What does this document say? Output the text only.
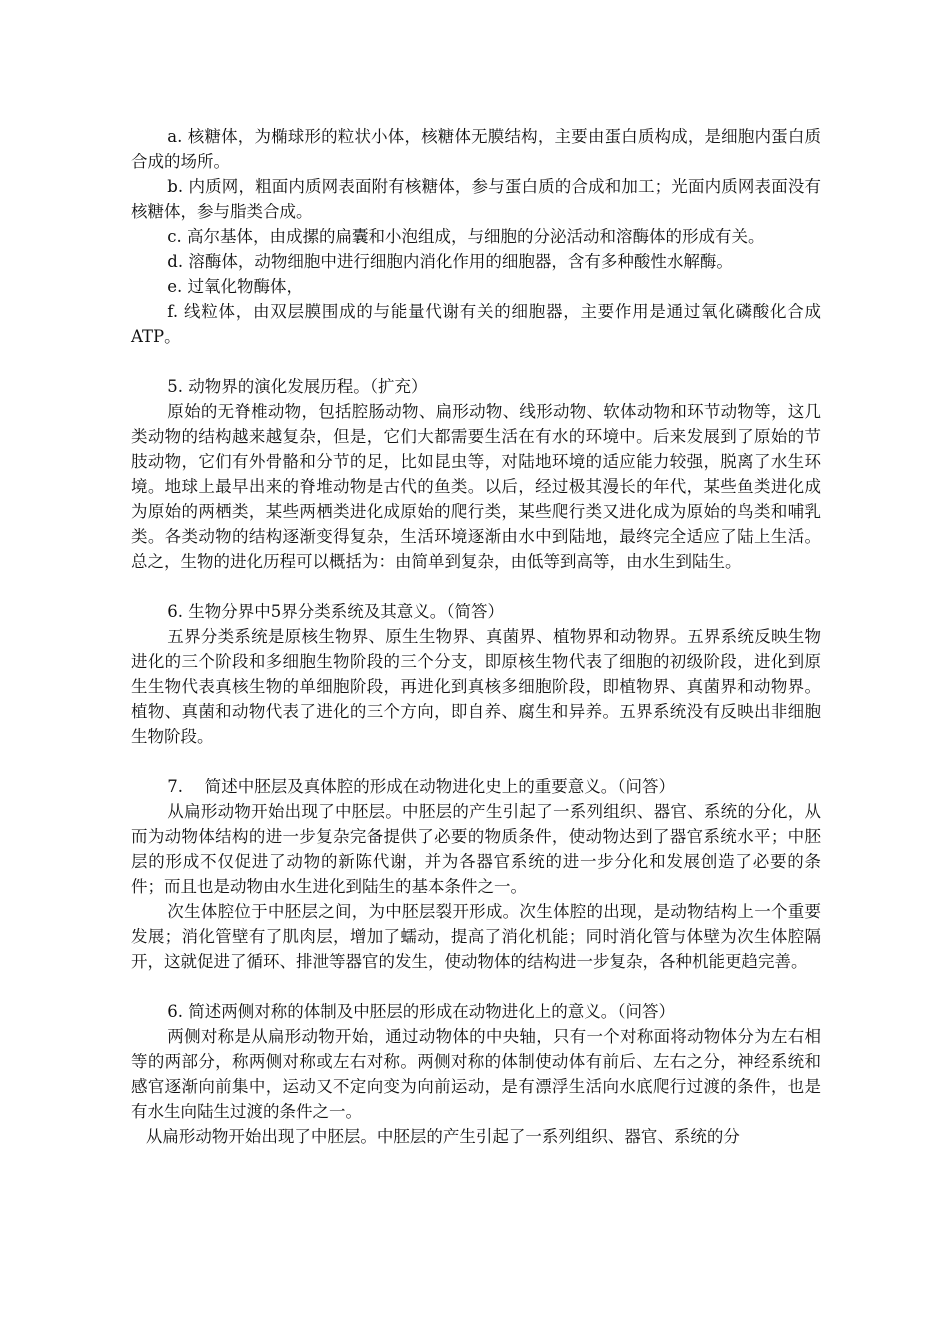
a. 核糖体，为椭球形的粒状小体，核糖体无膜结构，主要由蛋白质构成，是细胞内蛋白质合成的场所。

b. 内质网，粗面内质网表面附有核糖体，参与蛋白质的合成和加工；光面内质网表面没有核糖体，参与脂类合成。

c. 高尔基体，由成摞的扁囊和小泡组成，与细胞的分泌活动和溶酶体的形成有关。

d. 溶酶体，动物细胞中进行细胞内消化作用的细胞器，含有多种酸性水解酶。

e. 过氧化物酶体，

f. 线粒体，由双层膜围成的与能量代谢有关的细胞器，主要作用是通过氧化磷酸化合成ATP。

5. 动物界的演化发展历程。（扩充）

原始的无脊椎动物，包括腔肠动物、扁形动物、线形动物、软体动物和环节动物等，这几类动物的结构越来越复杂，但是，它们大都需要生活在有水的环境中。后来发展到了原始的节肢动物，它们有外骨骼和分节的足，比如昆虫等，对陆地环境的适应能力较强，脱离了水生环境。地球上最早出来的脊堆动物是古代的鱼类。以后，经过极其漫长的年代，某些鱼类进化成为原始的两栖类，某些两栖类进化成原始的爬行类，某些爬行类又进化成为原始的鸟类和哺乳类。各类动物的结构逐渐变得复杂，生活环境逐渐由水中到陆地，最终完全适应了陆上生活。 总之，生物的进化历程可以概括为：由简单到复杂，由低等到高等，由水生到陆生。

6. 生物分界中5界分类系统及其意义。（简答）

五界分类系统是原核生物界、原生生物界、真菌界、植物界和动物界。五界系统反映生物进化的三个阶段和多细胞生物阶段的三个分支，即原核生物代表了细胞的初级阶段，进化到原生生物代表真核生物的单细胞阶段，再进化到真核多细胞阶段，即植物界、真菌界和动物界。植物、真菌和动物代表了进化的三个方向，即自养、腐生和异养。五界系统没有反映出非细胞生物阶段。

7.　 简述中胚层及真体腔的形成在动物进化史上的重要意义。（问答）

从扁形动物开始出现了中胚层。中胚层的产生引起了一系列组织、器官、系统的分化，从而为动物体结构的进一步复杂完备提供了必要的物质条件，使动物达到了器官系统水平；中胚层的形成不仅促进了动物的新陈代谢，并为各器官系统的进一步分化和发展创造了必要的条件；而且也是动物由水生进化到陆生的基本条件之一。

次生体腔位于中胚层之间，为中胚层裂开形成。次生体腔的出现，是动物结构上一个重要发展；消化管壁有了肌肉层，增加了蠕动，提高了消化机能；同时消化管与体壁为次生体腔隔开，这就促进了循环、排泄等器官的发生，使动物体的结构进一步复杂，各种机能更趋完善。

6. 简述两侧对称的体制及中胚层的形成在动物进化上的意义。（问答）

两侧对称是从扁形动物开始，通过动物体的中央轴，只有一个对称面将动物体分为左右相等的两部分，称两侧对称或左右对称。两侧对称的体制使动体有前后、左右之分，神经系统和感官逐渐向前集中，运动又不定向变为向前运动，是有漂浮生活向水底爬行过渡的条件，也是有水生向陆生过渡的条件之一。

从扁形动物开始出现了中胚层。中胚层的产生引起了一系列组织、器官、系统的分
